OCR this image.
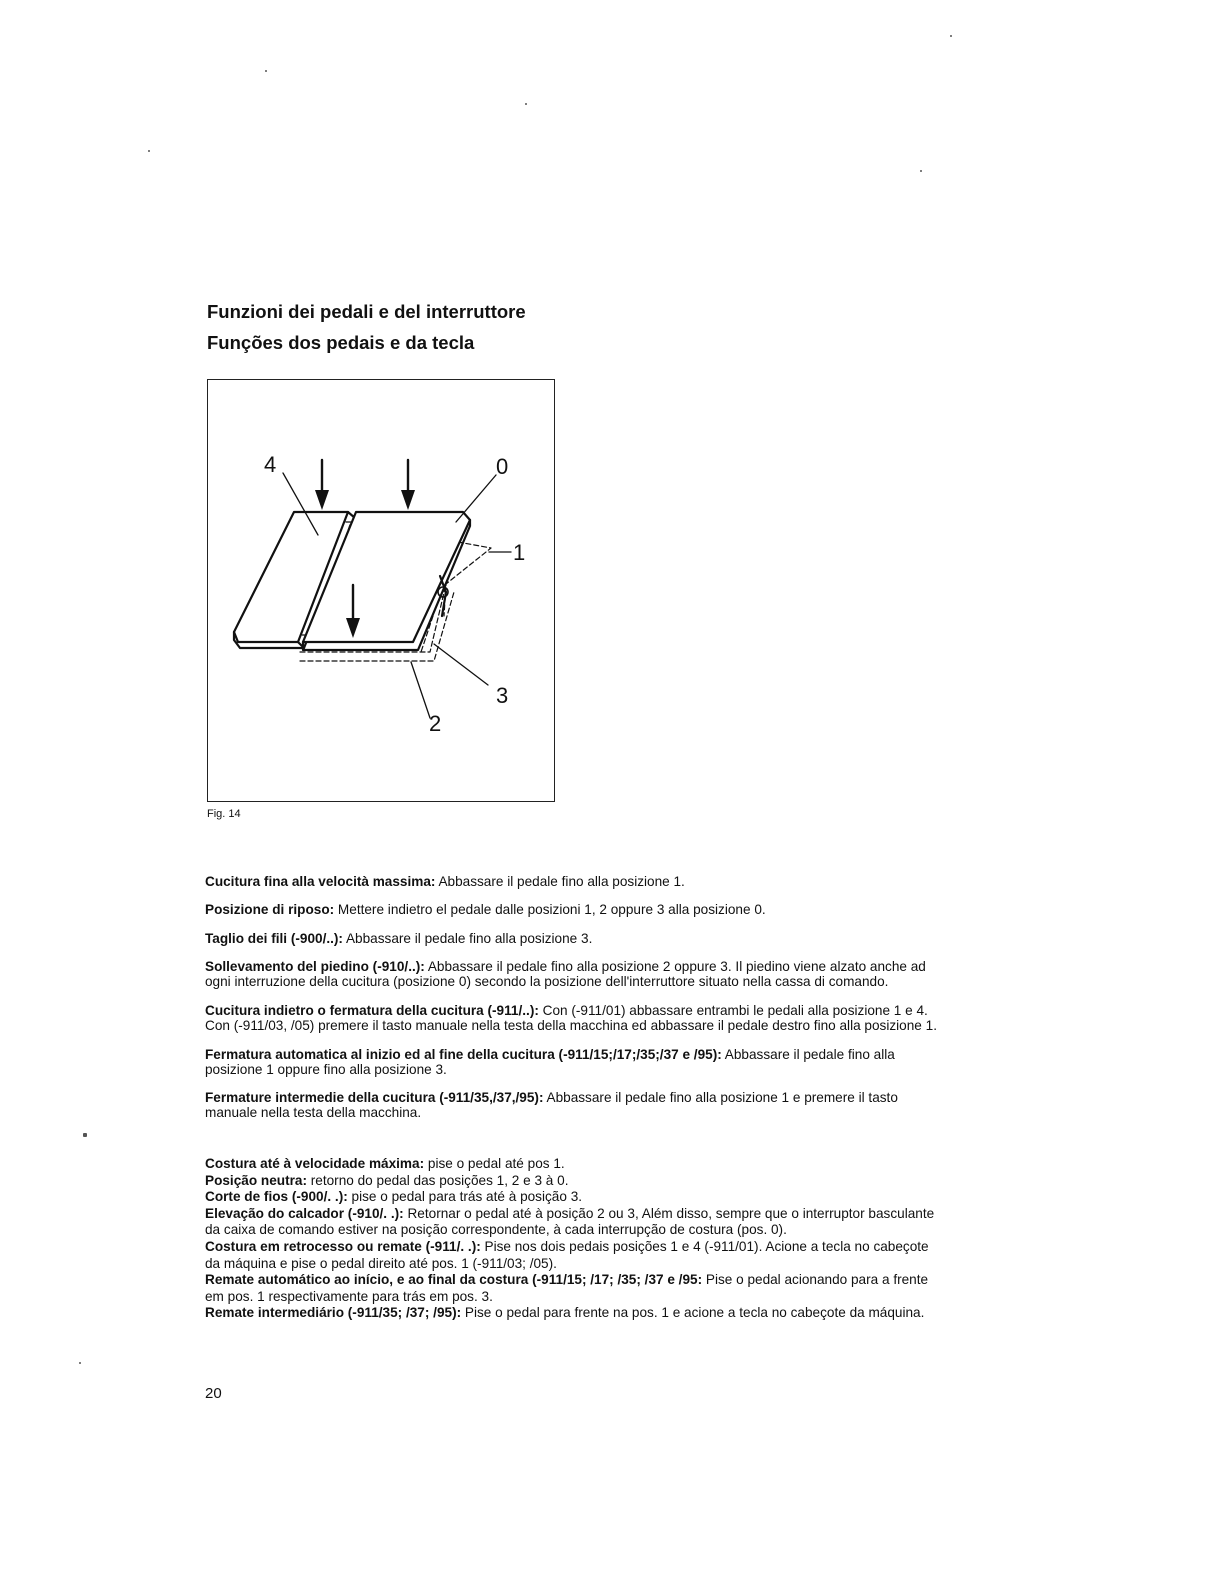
Funzioni dei pedali e del interruttore
Funções dos pedais e da tecla
4	0
1
2
3
Fig. 14

Cucitura fina alla velocità massima: Abbassare il pedale fino alla posizione 1.

Posizione di riposo: Mettere indietro el pedale dalle posizioni 1, 2 oppure 3 alla posizione 0.

Taglio dei fili (-900/..): Abbassare il pedale fino alla posizione 3.

Sollevamento del piedino (-910/..): Abbassare il pedale fino alla posizione 2 oppure 3. Il piedino viene alzato anche ad ogni interruzione della cucitura (posizione 0) secondo la posizione dell'interruttore situato nella cassa di comando.

Cucitura indietro o fermatura della cucitura (-911/..): Con (-911/01) abbassare entrambi le pedali alla posizione 1 e 4. Con (-911/03, /05) premere il tasto manuale nella testa della macchina ed abbassare il pedale destro fino alla posizione 1.

Fermatura automatica al inizio ed al fine della cucitura (-911/15;/17;/35;/37 e /95): Abbassare il pedale fino alla posizione 1 oppure fino alla posizione 3.

Fermature intermedie della cucitura (-911/35,/37,/95): Abbassare il pedale fino alla posizione 1 e premere il tasto manuale nella testa della macchina.

Costura até à velocidade máxima: pise o pedal até pos 1.

Posição neutra: retorno do pedal das posições 1, 2 e 3 à 0.

Corte de fios (-900/. .): pise o pedal para trás até à posição 3.

Elevação do calcador (-910/. .): Retornar o pedal até à posição 2 ou 3, Além disso, sempre que o interruptor basculante da caixa de comando estiver na posição correspondente, à cada interrupção de costura (pos. 0).

Costura em retrocesso ou remate (-911/. .): Pise nos dois pedais posições 1 e 4 (-911/01). Acione a tecla no cabeçote da máquina e pise o pedal direito até pos. 1 (-911/03; /05).

Remate automático ao início, e ao final da costura (-911/15; /17; /35; /37 e /95: Pise o pedal acionando para a frente em pos. 1 respectivamente para trás em pos. 3.

Remate intermediário (-911/35; /37; /95): Pise o pedal para frente na pos. 1 e acione a tecla no cabeçote da máquina.

20
